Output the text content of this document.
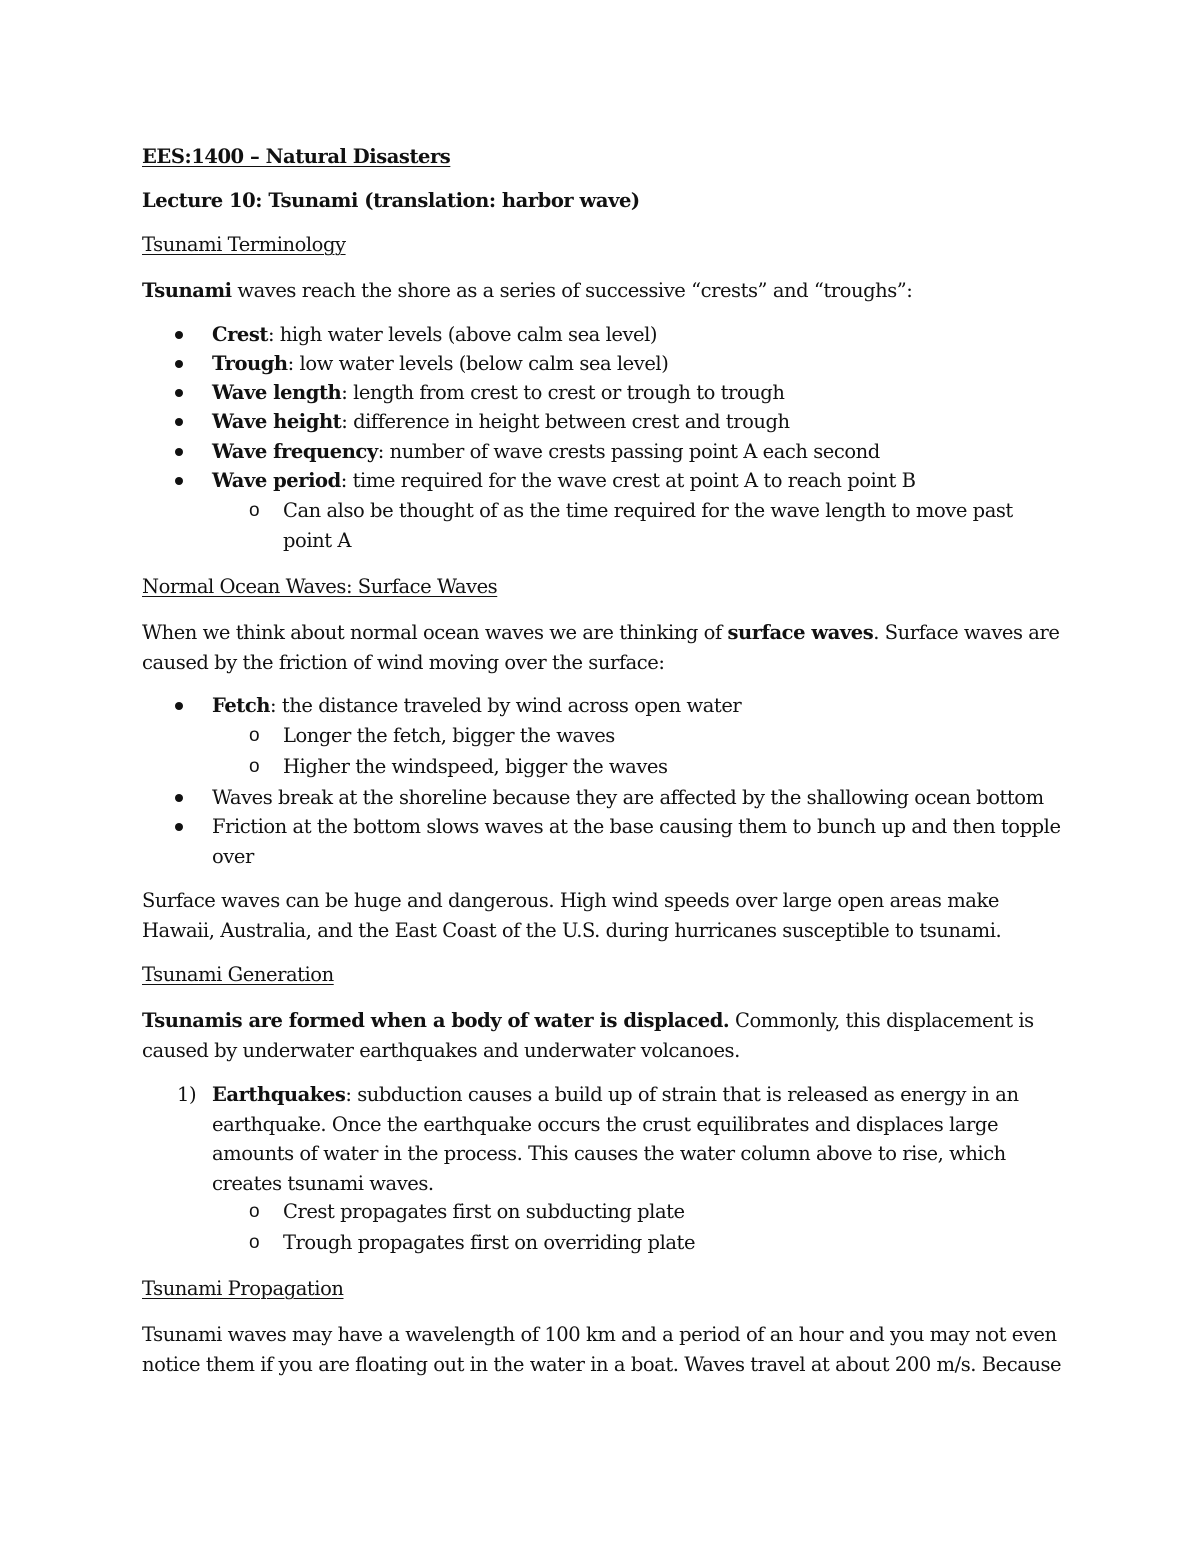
EES:1400 – Natural Disasters

Lecture 10: Tsunami (translation: harbor wave)

Tsunami Terminology

Tsunami waves reach the shore as a series of successive “crests” and “troughs”:

Crest: high water levels (above calm sea level)

Trough: low water levels (below calm sea level)

Wave length: length from crest to crest or trough to trough

Wave height: difference in height between crest and trough

Wave frequency: number of wave crests passing point A each second

Wave period: time required for the wave crest at point A to reach point B

o Can also be thought of as the time required for the wave length to move past point A

Normal Ocean Waves: Surface Waves

When we think about normal ocean waves we are thinking of surface waves. Surface waves are caused by the friction of wind moving over the surface:

Fetch: the distance traveled by wind across open water

o Longer the fetch, bigger the waves

o Higher the windspeed, bigger the waves

Waves break at the shoreline because they are affected by the shallowing ocean bottom

Friction at the bottom slows waves at the base causing them to bunch up and then topple over

Surface waves can be huge and dangerous. High wind speeds over large open areas make Hawaii, Australia, and the East Coast of the U.S. during hurricanes susceptible to tsunami.

Tsunami Generation

Tsunamis are formed when a body of water is displaced. Commonly, this displacement is caused by underwater earthquakes and underwater volcanoes.

1) Earthquakes: subduction causes a build up of strain that is released as energy in an earthquake. Once the earthquake occurs the crust equilibrates and displaces large amounts of water in the process. This causes the water column above to rise, which creates tsunami waves.

o Crest propagates first on subducting plate

o Trough propagates first on overriding plate

Tsunami Propagation

Tsunami waves may have a wavelength of 100 km and a period of an hour and you may not even notice them if you are floating out in the water in a boat. Waves travel at about 200 m/s. Because
